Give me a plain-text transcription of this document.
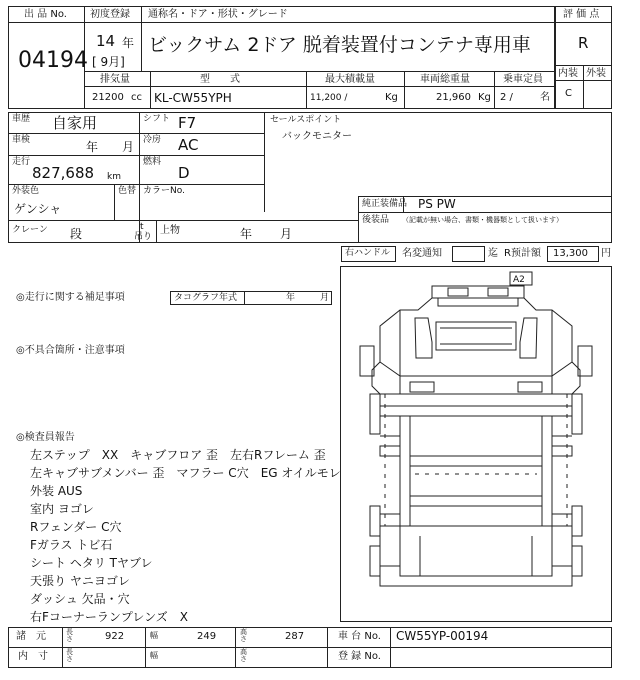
出 品 No.
04194
初度登録 通称名・ドア・形状・グレード
14 年
[ 9月]
ビックサム 2ドア 脱着装置付コンテナ専用車
排気量	型　　式	最大積載量	車両総重量	乗車定員
21200 cc KL-CW55YPH	11,200 /	Kg	21,960 Kg 2 /	名
評 価 点
R
内装 外装
C
車歴 自家用	シフト F7
車検	年 月 冷房 AC
走行
827,688 km
燃料
D
外装色
ゲンシャ
色替 カラーNo.
クレーン 段	t
吊り
上物	年 月
セールスポイント
バックモニター
純正装備品 PS PW
後装品 （記載が無い場合、書類・機器類として扱います）
右ハンドル 名変通知	迄 R预計額 13,300 円
◎走行に関する補足事項	タコグラフ年式	年	月
◎不具合箇所・注意事項
◎検査員報告
左ステップ　XX　キャブフロア 歪　左右Rフレーム 歪
左キャブサブメンバー 歪　マフラー C穴　EG オイルモレ
外装 AUS
室内 ヨゴレ
Rフェンダー C穴
Fガラス トビ石
シート ヘタリ Tヤブレ
天張り ヤニヨゴレ
ダッシュ 欠品・穴
右Fコーナーランプレンズ　X
A2
諸　元	長さ	922	幅	249	高さ	287	車 台 No. CW55YP-00194
内　寸	長さ	幅	高さ	登 録 No.
